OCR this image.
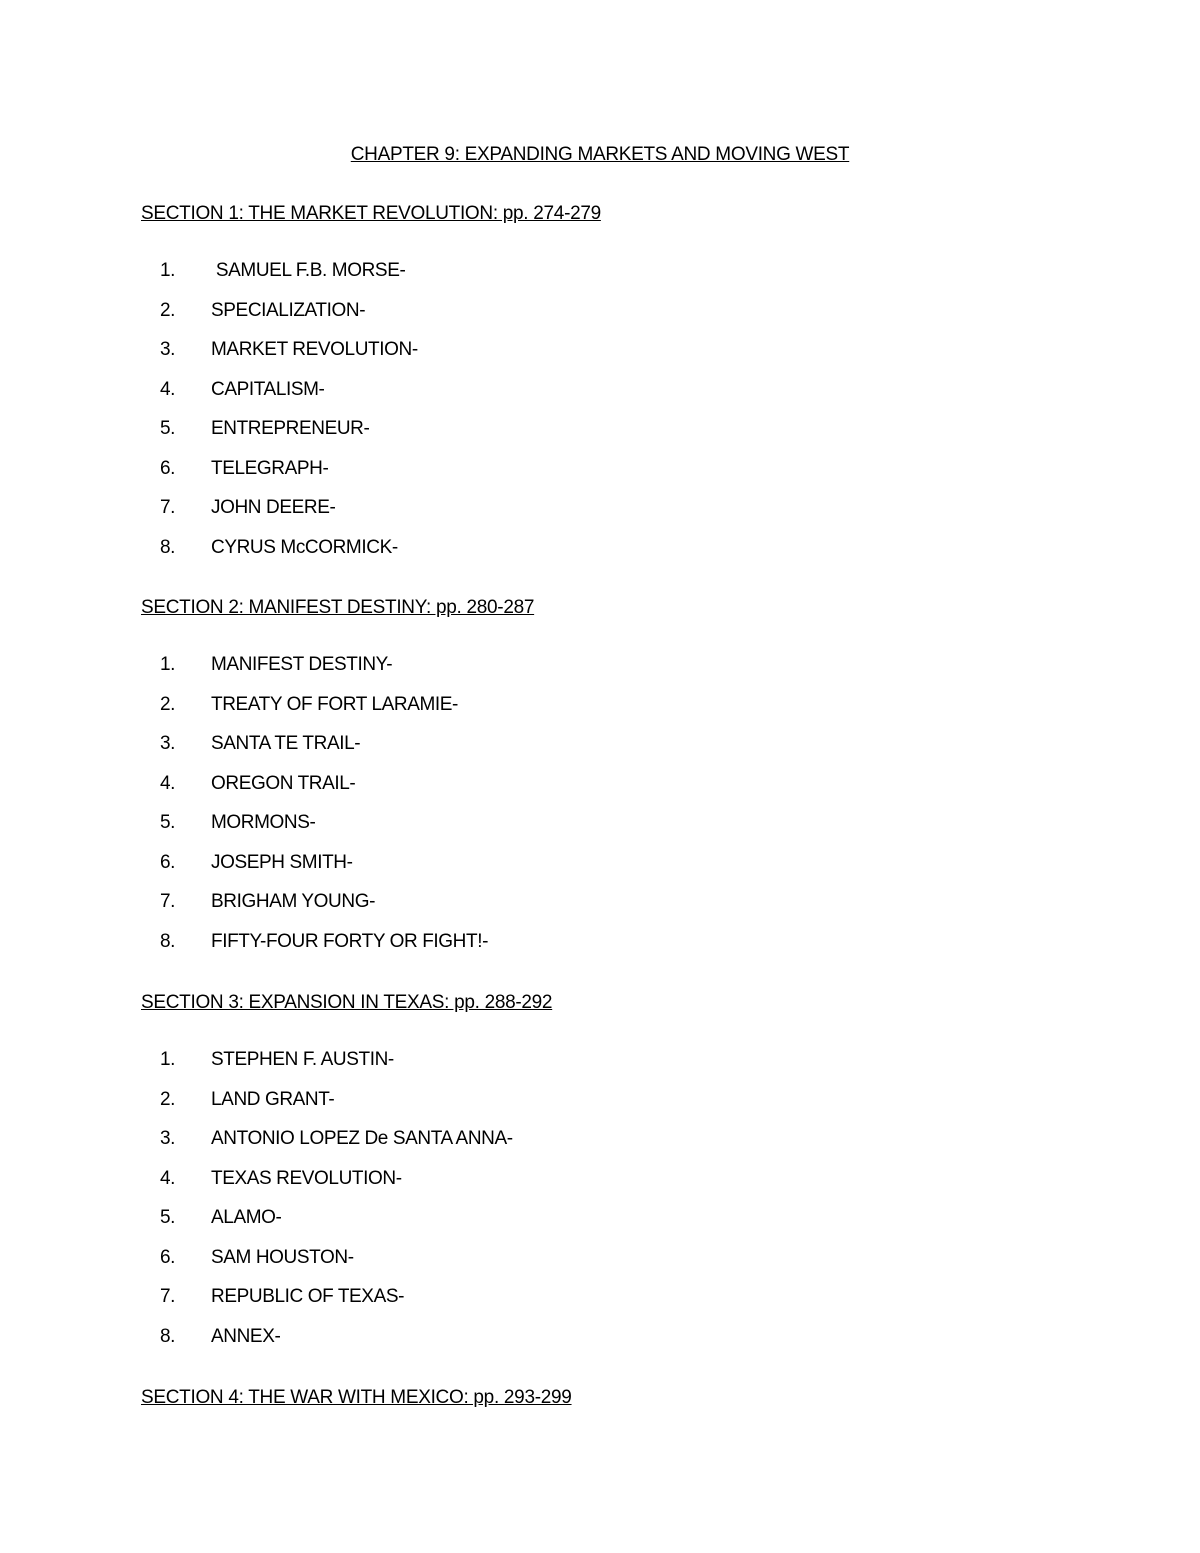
CHAPTER 9: EXPANDING MARKETS AND MOVING WEST
SECTION 1: THE MARKET REVOLUTION: pp. 274-279
1. SAMUEL F.B. MORSE-
2. SPECIALIZATION-
3. MARKET REVOLUTION-
4. CAPITALISM-
5. ENTREPRENEUR-
6. TELEGRAPH-
7. JOHN DEERE-
8. CYRUS McCORMICK-
SECTION 2: MANIFEST DESTINY: pp. 280-287
1. MANIFEST DESTINY-
2. TREATY OF FORT LARAMIE-
3. SANTA TE TRAIL-
4. OREGON TRAIL-
5. MORMONS-
6. JOSEPH SMITH-
7. BRIGHAM YOUNG-
8. FIFTY-FOUR FORTY OR FIGHT!-
SECTION 3: EXPANSION IN TEXAS: pp. 288-292
1. STEPHEN F. AUSTIN-
2. LAND GRANT-
3. ANTONIO LOPEZ De SANTA ANNA-
4. TEXAS REVOLUTION-
5. ALAMO-
6. SAM HOUSTON-
7. REPUBLIC OF TEXAS-
8. ANNEX-
SECTION 4: THE WAR WITH MEXICO: pp. 293-299
